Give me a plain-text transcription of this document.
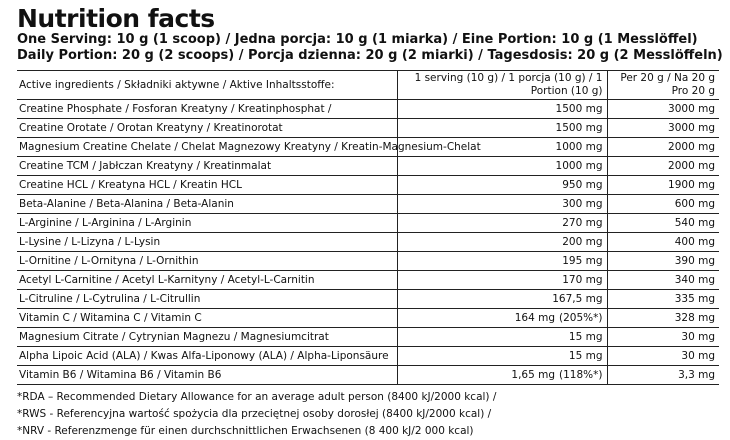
Nutrition facts
One Serving: 10 g (1 scoop) / Jedna porcja: 10 g (1 miarka) / Eine Portion: 10 g (1 Messlöffel)
Daily Portion: 20 g (2 scoops) / Porcja dzienna: 20 g (2 miarki) / Tagesdosis: 20 g (2 Messlöffeln)
Active ingredients / Składniki aktywne / Aktive Inhaltsstoffe:	1 serving (10 g) / 1 porcja (10 g) / 1 Portion (10 g)	Per 20 g / Na 20 g Pro 20 g
Creatine Phosphate / Fosforan Kreatyny / Kreatinphosphat /	1500 mg	3000 mg
Creatine Orotate / Orotan Kreatyny / Kreatinorotat	1500 mg	3000 mg
Magnesium Creatine Chelate / Chelat Magnezowy Kreatyny / Kreatin-Magnesium-Chelat	1000 mg	2000 mg
Creatine TCM / Jabłczan Kreatyny / Kreatinmalat	1000 mg	2000 mg
Creatine HCL / Kreatyna HCL / Kreatin HCL	950 mg	1900 mg
Beta-Alanine / Beta-Alanina / Beta-Alanin	300 mg	600 mg
L-Arginine / L-Arginina / L-Arginin	270 mg	540 mg
L-Lysine / L-Lizyna / L-Lysin	200 mg	400 mg
L-Ornitine / L-Ornityna / L-Ornithin	195 mg	390 mg
Acetyl L-Carnitine / Acetyl L-Karnityny / Acetyl-L-Carnitin	170 mg	340 mg
L-Citruline / L-Cytrulina / L-Citrullin	167,5 mg	335 mg
Vitamin C / Witamina C / Vitamin C	164 mg (205%*)	328 mg
Magnesium Citrate / Cytrynian Magnezu / Magnesiumcitrat	15 mg	30 mg
Alpha Lipoic Acid (ALA) / Kwas Alfa-Liponowy (ALA) / Alpha-Liponsäure	15 mg	30 mg
Vitamin B6 / Witamina B6 / Vitamin B6	1,65 mg (118%*)	3,3 mg
*RDA – Recommended Dietary Allowance for an average adult person (8400 kJ/2000 kcal) /
*RWS - Referencyjna wartość spożycia dla przeciętnej osoby dorosłej (8400 kJ/2000 kcal) /
*NRV - Referenzmenge für einen durchschnittlichen Erwachsenen (8 400 kJ/2 000 kcal)
